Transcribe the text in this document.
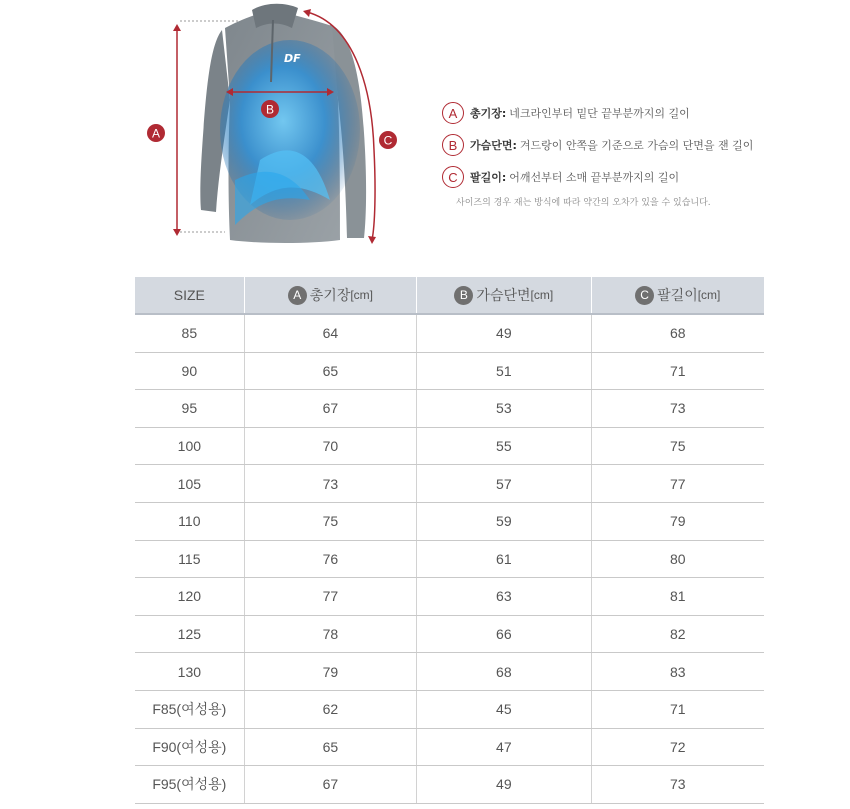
DF
A
B
C
A	총기장: 네크라인부터 밑단 끝부분까지의 길이
B	가슴단면: 겨드랑이 안쪽을 기준으로 가슴의 단면을 잰 길이
C	팔길이: 어깨선부터 소매 끝부분까지의 길이
사이즈의 경우 재는 방식에 따라 약간의 오차가 있을 수 있습니다.
SIZE	A 총기장 [cm]	B 가슴단면 [cm]	C 팔길이 [cm]

85	64	49	68
90	65	51	71
95	67	53	73
100	70	55	75
105	73	57	77
110	75	59	79
115	76	61	80
120	77	63	81
125	78	66	82
130	79	68	83
F85(여성용)	62	45	71
F90(여성용)	65	47	72
F95(여성용)	67	49	73
